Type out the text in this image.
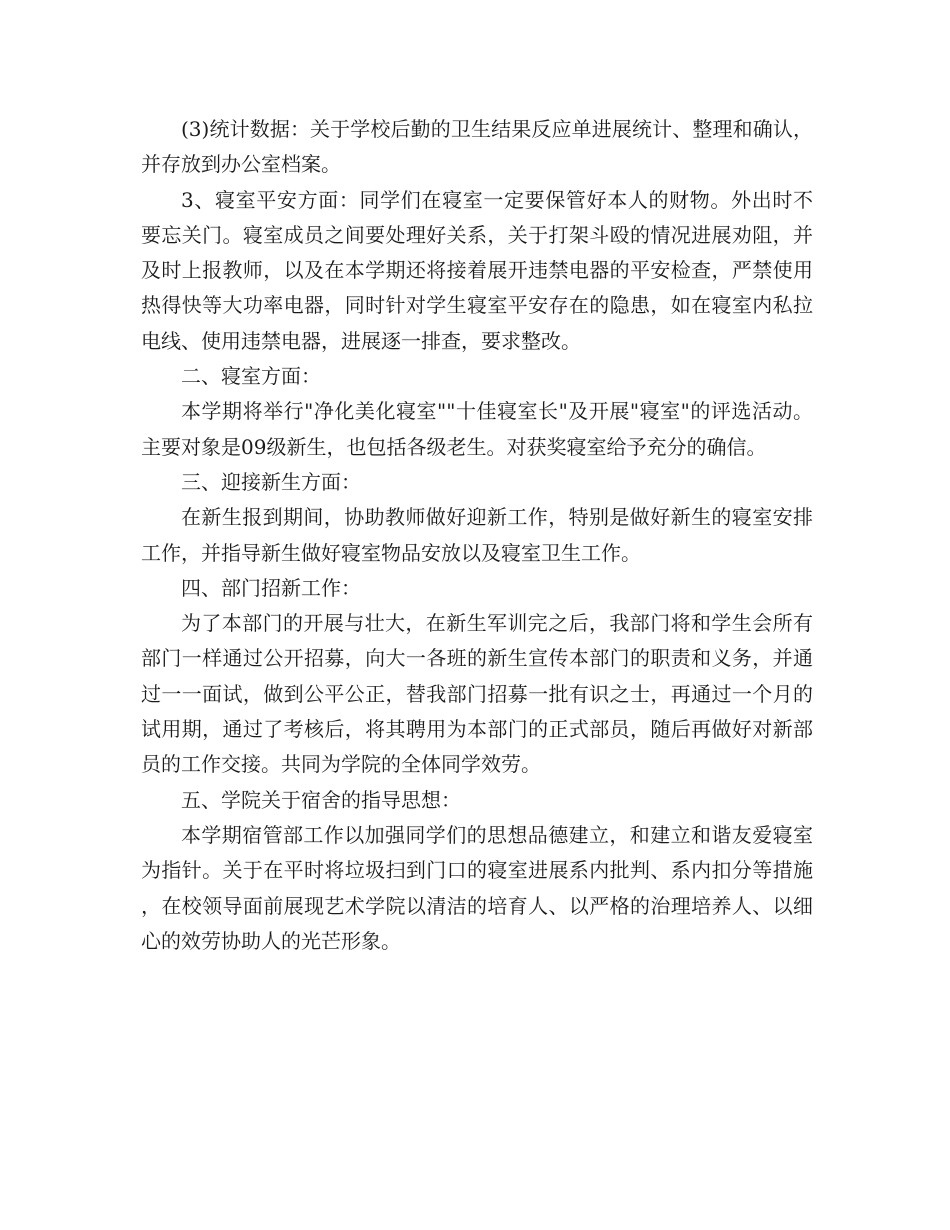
(3)统计数据：关于学校后勤的卫生结果反应单进展统计、整理和确认，并存放到办公室档案。

3、寝室平安方面：同学们在寝室一定要保管好本人的财物。外出时不要忘关门。寝室成员之间要处理好关系，关于打架斗殴的情况进展劝阻，并及时上报教师，以及在本学期还将接着展开违禁电器的平安检查，严禁使用热得快等大功率电器，同时针对学生寝室平安存在的隐患，如在寝室内私拉电线、使用违禁电器，进展逐一排查，要求整改。

二、寝室方面：

本学期将举行"净化美化寝室""十佳寝室长"及开展"寝室"的评选活动。主要对象是09级新生，也包括各级老生。对获奖寝室给予充分的确信。

三、迎接新生方面：

在新生报到期间，协助教师做好迎新工作，特别是做好新生的寝室安排工作，并指导新生做好寝室物品安放以及寝室卫生工作。

四、部门招新工作：

为了本部门的开展与壮大，在新生军训完之后，我部门将和学生会所有部门一样通过公开招募，向大一各班的新生宣传本部门的职责和义务，并通过一一面试，做到公平公正，替我部门招募一批有识之士，再通过一个月的试用期，通过了考核后，将其聘用为本部门的正式部员，随后再做好对新部员的工作交接。共同为学院的全体同学效劳。

五、学院关于宿舍的指导思想：

本学期宿管部工作以加强同学们的思想品德建立，和建立和谐友爱寝室为指针。关于在平时将垃圾扫到门口的寝室进展系内批判、系内扣分等措施，在校领导面前展现艺术学院以清洁的培育人、以严格的治理培养人、以细心的效劳协助人的光芒形象。
